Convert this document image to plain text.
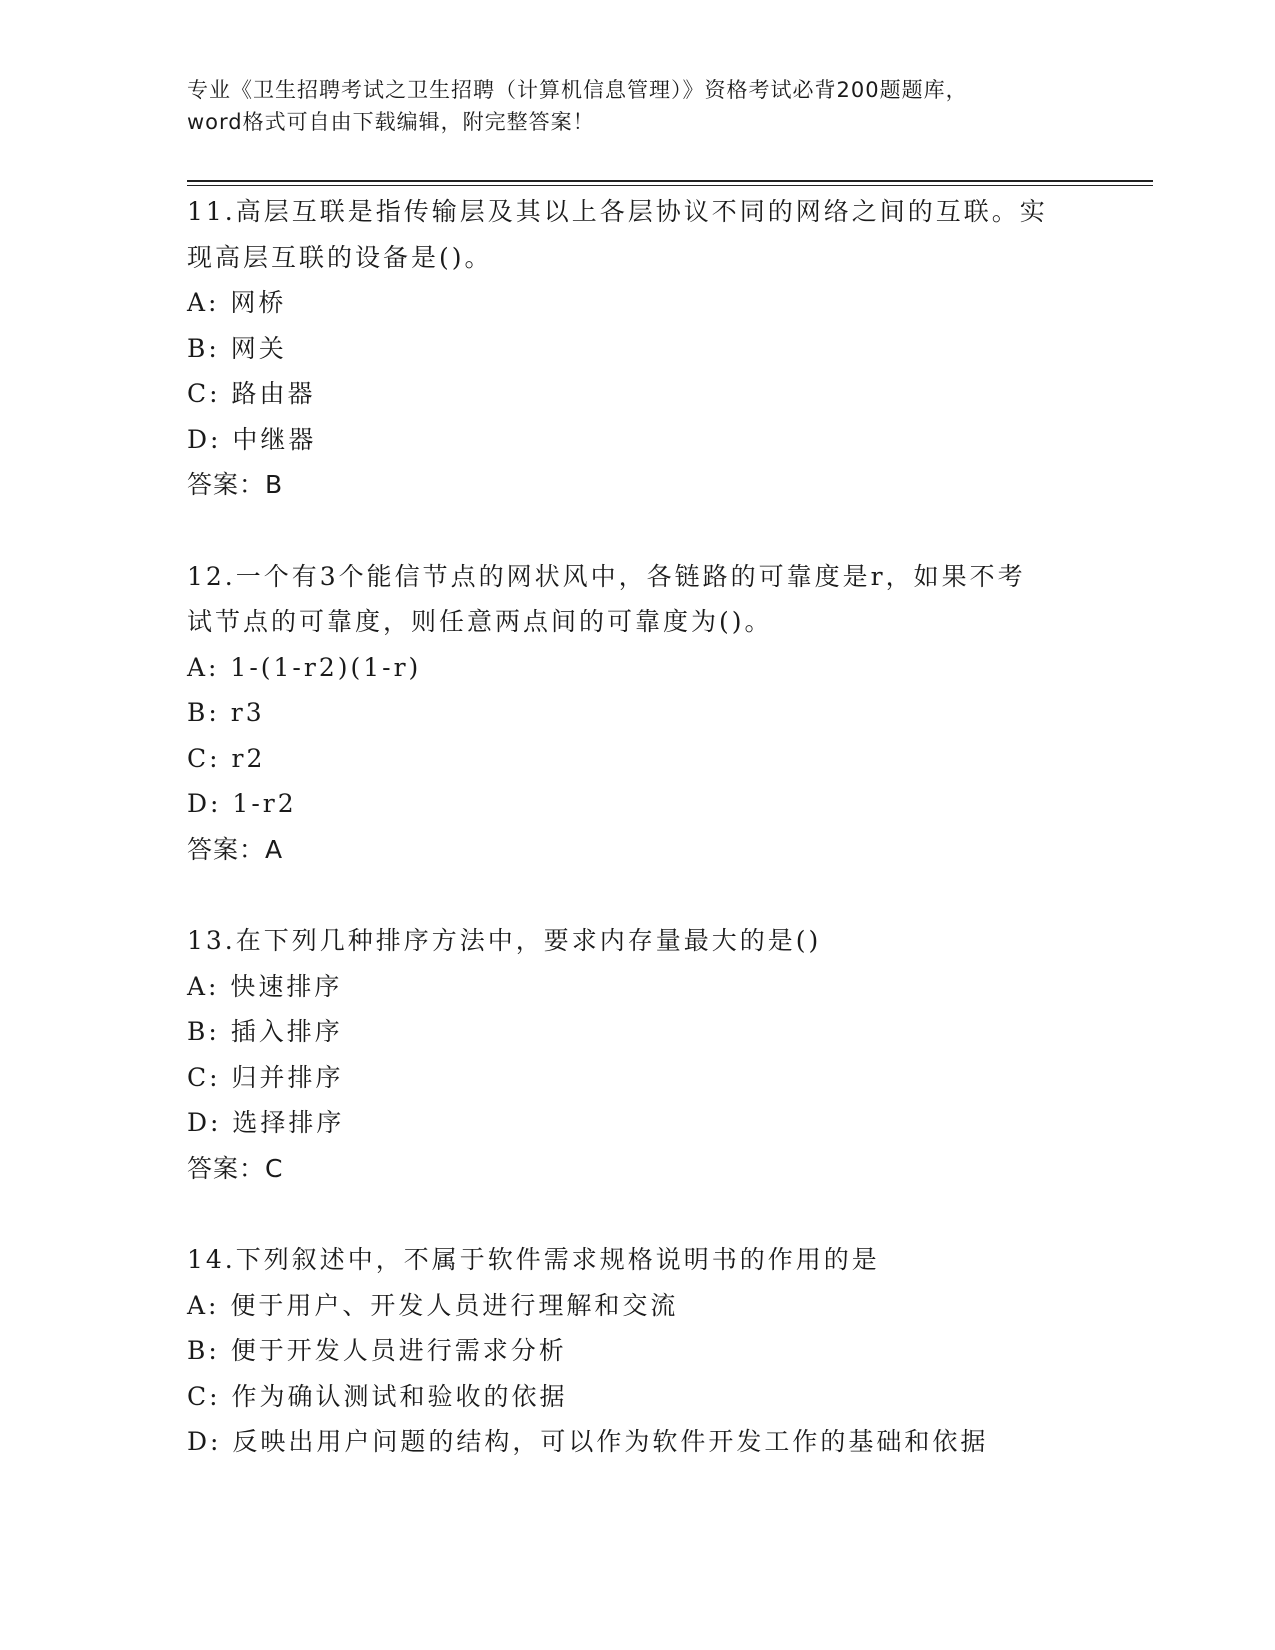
专业《卫生招聘考试之卫生招聘（计算机信息管理）》资格考试必背200题题库，
word格式可自由下载编辑，附完整答案！
11.高层互联是指传输层及其以上各层协议不同的网络之间的互联。实
现高层互联的设备是()。
A: 网桥
B: 网关
C: 路由器
D: 中继器
答案：B
12.一个有3个能信节点的网状风中，各链路的可靠度是r，如果不考
试节点的可靠度，则任意两点间的可靠度为()。
A: 1-(1-r2)(1-r)
B: r3
C: r2
D: 1-r2
答案：A
13.在下列几种排序方法中，要求内存量最大的是()
A: 快速排序
B: 插入排序
C: 归并排序
D: 选择排序
答案：C
14.下列叙述中，不属于软件需求规格说明书的作用的是
A: 便于用户、开发人员进行理解和交流
B: 便于开发人员进行需求分析
C: 作为确认测试和验收的依据
D: 反映出用户问题的结构，可以作为软件开发工作的基础和依据
